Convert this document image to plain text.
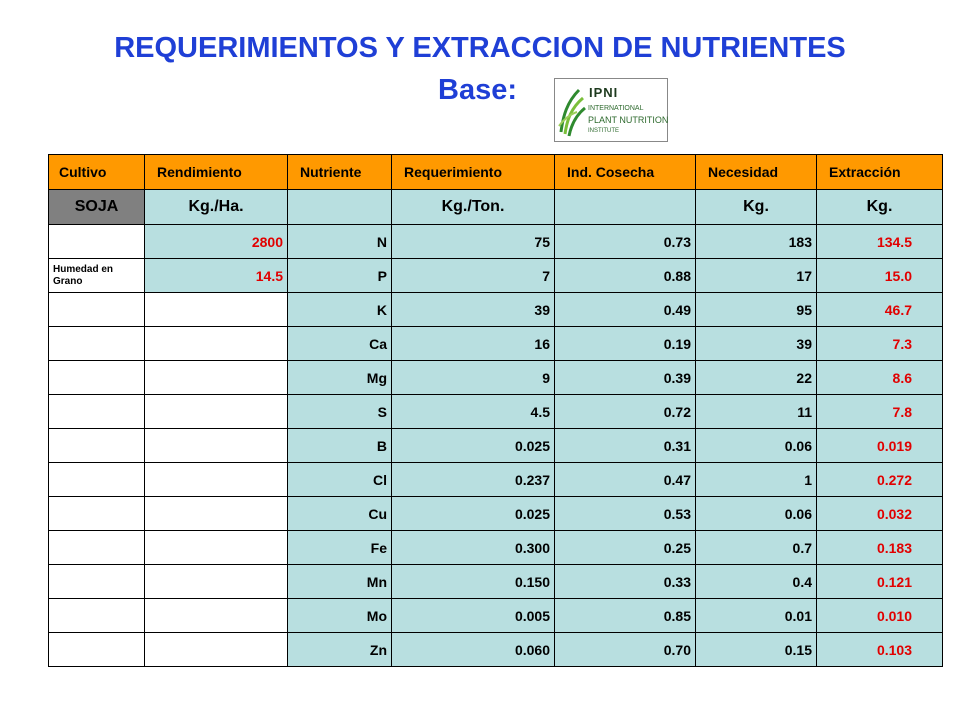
REQUERIMIENTOS Y EXTRACCION DE NUTRIENTES
Base:	IPNI
INTERNATIONAL
PLANT NUTRITION
INSTITUTE
Cultivo	Rendimiento	Nutriente	Requerimiento	Ind. Cosecha	Necesidad	Extracción
SOJA	Kg./Ha.		Kg./Ton.		Kg.	Kg.
	2800	N	75	0.73	183	134.5
Humedad en Grano	14.5	P	7	0.88	17	15.0
		K	39	0.49	95	46.7
		Ca	16	0.19	39	7.3
		Mg	9	0.39	22	8.6
		S	4.5	0.72	11	7.8
		B	0.025	0.31	0.06	0.019
		Cl	0.237	0.47	1	0.272
		Cu	0.025	0.53	0.06	0.032
		Fe	0.300	0.25	0.7	0.183
		Mn	0.150	0.33	0.4	0.121
		Mo	0.005	0.85	0.01	0.010
		Zn	0.060	0.70	0.15	0.103
